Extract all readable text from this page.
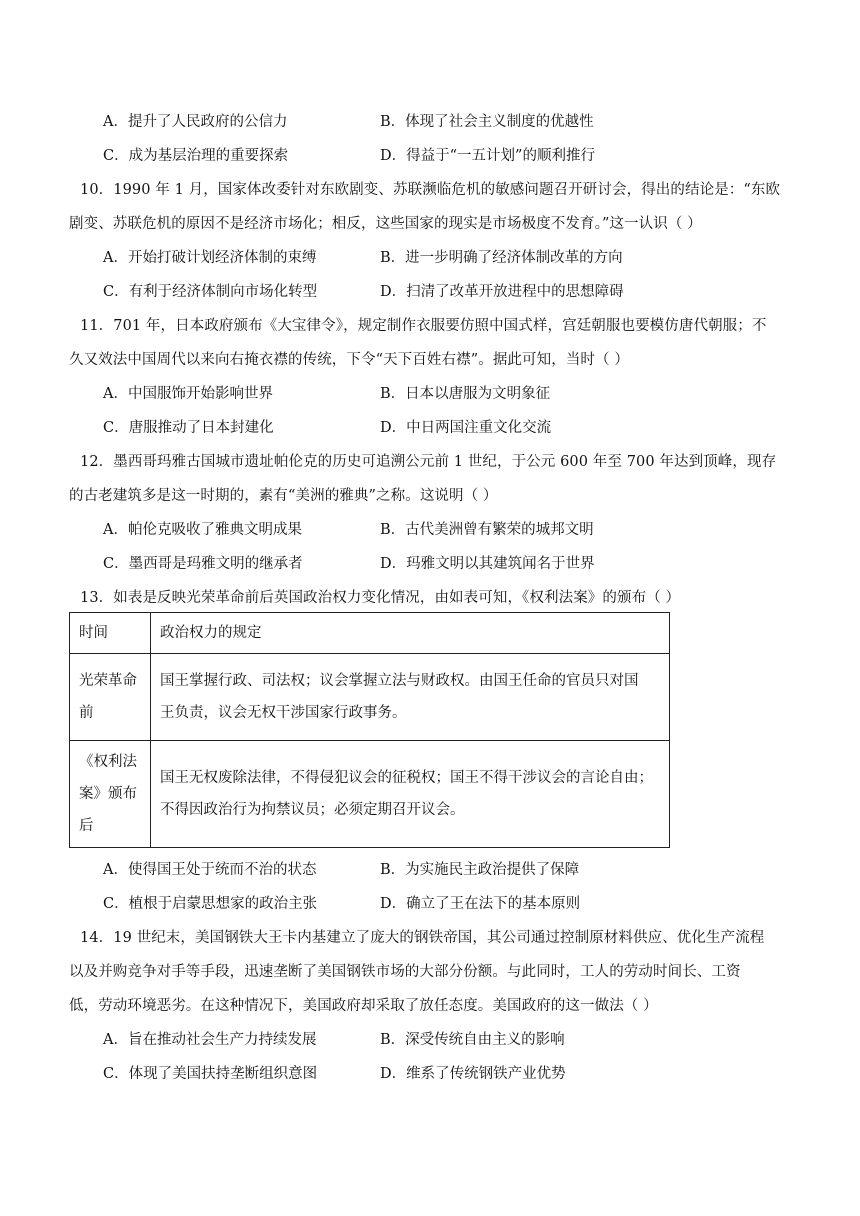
A．提升了人民政府的公信力	B．体现了社会主义制度的优越性
C．成为基层治理的重要探索	D．得益于“一五计划”的顺利推行
10．1990 年 1 月，国家体改委针对东欧剧变、苏联濒临危机的敏感问题召开研讨会，得出的结论是：“东欧
剧变、苏联危机的原因不是经济市场化；相反，这些国家的现实是市场极度不发育。”这一认识（ ）
A．开始打破计划经济体制的束缚	B．进一步明确了经济体制改革的方向
C．有利于经济体制向市场化转型	D．扫清了改革开放进程中的思想障碍
11．701 年，日本政府颁布《大宝律令》，规定制作衣服要仿照中国式样，宫廷朝服也要模仿唐代朝服；不
久又效法中国周代以来向右掩衣襟的传统，下令“天下百姓右襟”。据此可知，当时（ ）
A．中国服饰开始影响世界	B．日本以唐服为文明象征
C．唐服推动了日本封建化	D．中日两国注重文化交流
12．墨西哥玛雅古国城市遗址帕伦克的历史可追溯公元前 1 世纪，于公元 600 年至 700 年达到顶峰，现存
的古老建筑多是这一时期的，素有“美洲的雅典”之称。这说明（ ）
A．帕伦克吸收了雅典文明成果	B．古代美洲曾有繁荣的城邦文明
C．墨西哥是玛雅文明的继承者	D．玛雅文明以其建筑闻名于世界
13．如表是反映光荣革命前后英国政治权力变化情况，由如表可知，《权利法案》的颁布（ ）
时间	政治权力的规定
光荣革命前	国王掌握行政、司法权；议会掌握立法与财政权。由国王任命的官员只对国
王负责，议会无权干涉国家行政事务。

《权利法案》颁布后	国王无权废除法律，不得侵犯议会的征税权；国王不得干涉议会的言论自由；
不得因政治行为拘禁议员；必须定期召开议会。
A．使得国王处于统而不治的状态	B．为实施民主政治提供了保障
C．植根于启蒙思想家的政治主张	D．确立了王在法下的基本原则
14．19 世纪末，美国钢铁大王卡内基建立了庞大的钢铁帝国，其公司通过控制原材料供应、优化生产流程
以及并购竞争对手等手段，迅速垄断了美国钢铁市场的大部分份额。与此同时，工人的劳动时间长、工资
低，劳动环境恶劣。在这种情况下，美国政府却采取了放任态度。美国政府的这一做法（ ）
A．旨在推动社会生产力持续发展	B．深受传统自由主义的影响
C．体现了美国扶持垄断组织意图	D．维系了传统钢铁产业优势
